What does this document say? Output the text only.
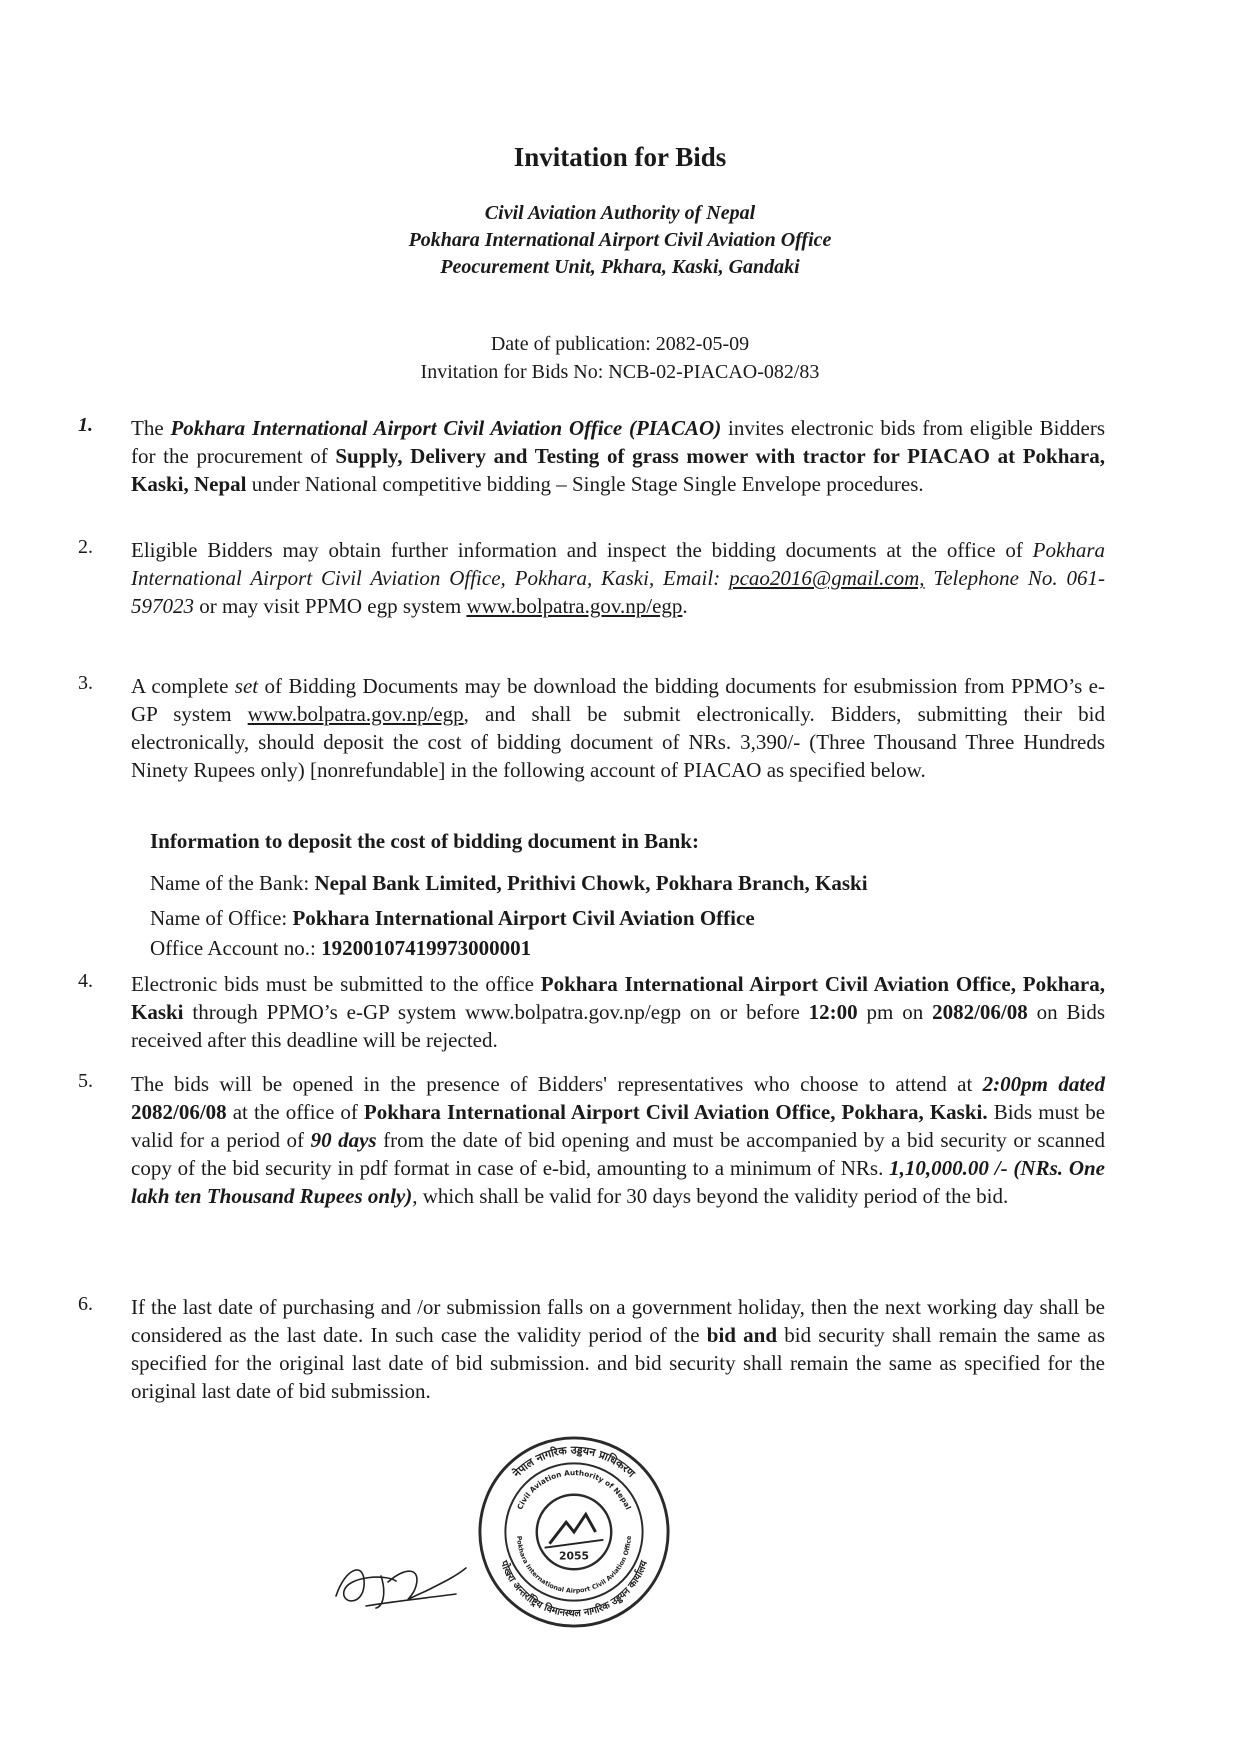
Invitation for Bids
Civil Aviation Authority of Nepal
Pokhara International Airport Civil Aviation Office
Peocurement Unit, Pkhara, Kaski, Gandaki
Date of publication: 2082-05-09
Invitation for Bids No: NCB-02-PIACAO-082/83
1.	The Pokhara International Airport Civil Aviation Office (PIACAO) invites electronic bids from eligible Bidders for the procurement of Supply, Delivery and Testing of grass mower with tractor for PIACAO at Pokhara, Kaski, Nepal under National competitive bidding – Single Stage Single Envelope procedures.

2.	Eligible Bidders may obtain further information and inspect the bidding documents at the office of Pokhara International Airport Civil Aviation Office, Pokhara, Kaski, Email: pcao2016@gmail.com, Telephone No. 061-597023 or may visit PPMO egp system www.bolpatra.gov.np/egp.

3.	A complete set of Bidding Documents may be download the bidding documents for esubmission from PPMO’s e-GP system www.bolpatra.gov.np/egp, and shall be submit electronically. Bidders, submitting their bid electronically, should deposit the cost of bidding document of NRs. 3,390/- (Three Thousand Three Hundreds Ninety Rupees only) [nonrefundable] in the following account of PIACAO as specified below.

Information to deposit the cost of bidding document in Bank:
Name of the Bank: Nepal Bank Limited, Prithivi Chowk, Pokhara Branch, Kaski
Name of Office: Pokhara International Airport Civil Aviation Office
Office Account no.: 19200107419973000001
4.	Electronic bids must be submitted to the office Pokhara International Airport Civil Aviation Office, Pokhara, Kaski through PPMO’s e-GP system www.bolpatra.gov.np/egp on or before 12:00 pm on 2082/06/08 on Bids received after this deadline will be rejected.

5.	The bids will be opened in the presence of Bidders' representatives who choose to attend at 2:00pm dated 2082/06/08 at the office of Pokhara International Airport Civil Aviation Office, Pokhara, Kaski. Bids must be valid for a period of 90 days from the date of bid opening and must be accompanied by a bid security or scanned copy of the bid security in pdf format in case of e-bid, amounting to a minimum of NRs. 1,10,000.00 /- (NRs. One lakh ten Thousand Rupees only), which shall be valid for 30 days beyond the validity period of the bid.

6.	If the last date of purchasing and /or submission falls on a government holiday, then the next working day shall be considered as the last date. In such case the validity period of the bid and bid security shall remain the same as specified for the original last date of bid submission. and bid security shall remain the same as specified for the original last date of bid submission.

नेपाल नागरिक उड्डयन प्राधिकरण
पोखरा अन्तर्राष्ट्रिय विमानस्थल नागरिक उड्डयन कार्यालय
Civil Aviation Authority of Nepal
Pokhara International Airport Civil Aviation Office
2055
